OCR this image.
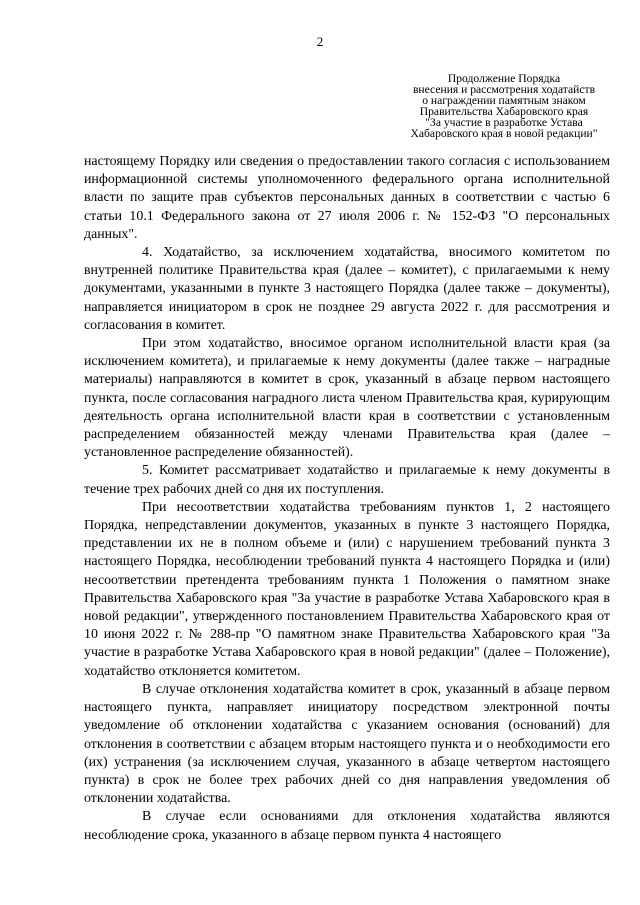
2
Продолжение Порядка
внесения и рассмотрения ходатайств
о награждении памятным знаком
Правительства Хабаровского края
"За участие в разработке Устава
Хабаровского края в новой редакции"

настоящему Порядку или сведения о предоставлении такого согласия с использованием информационной системы уполномоченного федерального органа исполнительной власти по защите прав субъектов персональных данных в соответствии с частью 6 статьи 10.1 Федерального закона от 27 июля 2006 г. № 152-ФЗ "О персональных данных".

4. Ходатайство, за исключением ходатайства, вносимого комитетом по внутренней политике Правительства края (далее – комитет), с прилагаемыми к нему документами, указанными в пункте 3 настоящего Порядка (далее также – документы), направляется инициатором в срок не позднее 29 августа 2022 г. для рассмотрения и согласования в комитет.

При этом ходатайство, вносимое органом исполнительной власти края (за исключением комитета), и прилагаемые к нему документы (далее также – наградные материалы) направляются в комитет в срок, указанный в абзаце первом настоящего пункта, после согласования наградного листа членом Правительства края, курирующим деятельность органа исполнительной власти края в соответствии с установленным распределением обязанностей между членами Правительства края (далее – установленное распределение обязанностей).

5. Комитет рассматривает ходатайство и прилагаемые к нему документы в течение трех рабочих дней со дня их поступления.

При несоответствии ходатайства требованиям пунктов 1, 2 настоящего Порядка, непредставлении документов, указанных в пункте 3 настоящего Порядка, представлении их не в полном объеме и (или) с нарушением требований пункта 3 настоящего Порядка, несоблюдении требований пункта 4 настоящего Порядка и (или) несоответствии претендента требованиям пункта 1 Положения о памятном знаке Правительства Хабаровского края "За участие в разработке Устава Хабаровского края в новой редакции", утвержденного постановлением Правительства Хабаровского края от 10 июня 2022 г. № 288-пр "О памятном знаке Правительства Хабаровского края "За участие в разработке Устава Хабаровского края в новой редакции" (далее – Положение), ходатайство отклоняется комитетом.

В случае отклонения ходатайства комитет в срок, указанный в абзаце первом настоящего пункта, направляет инициатору посредством электронной почты уведомление об отклонении ходатайства с указанием основания (оснований) для отклонения в соответствии с абзацем вторым настоящего пункта и о необходимости его (их) устранения (за исключением случая, указанного в абзаце четвертом настоящего пункта) в срок не более трех рабочих дней со дня направления уведомления об отклонении ходатайства.

В случае если основаниями для отклонения ходатайства являются несоблюдение срока, указанного в абзаце первом пункта 4 настоящего
